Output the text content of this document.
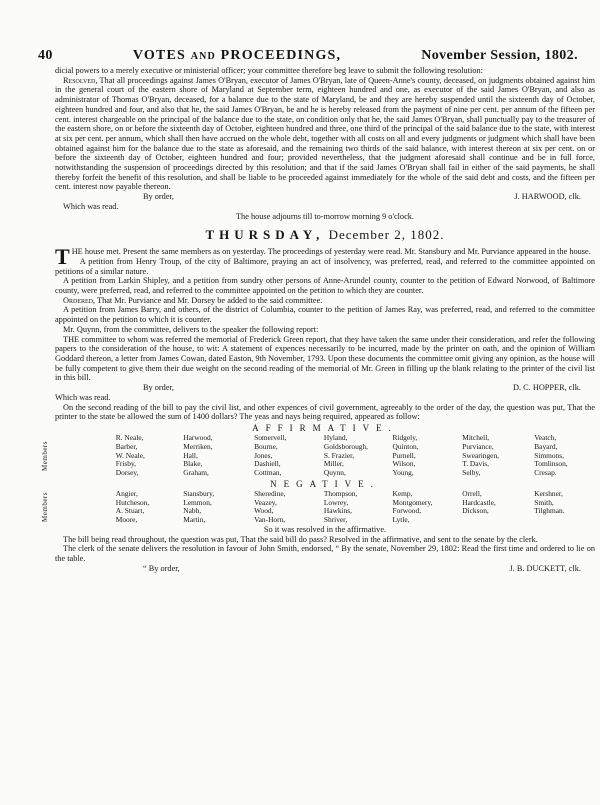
40	VOTES and PROCEEDINGS,	November Session, 1802.

dicial powers to a merely executive or ministerial officer; your committee therefore beg leave to submit the following resolution:

Resolved, That all proceedings against James O'Bryan, executor of James O'Bryan, late of Queen-Anne's county, deceased, on judgments obtained against him in the general court of the eastern shore of Maryland at September term, eighteen hundred and one, as executor of the said James O'Bryan, and also as administrator of Thomas O'Bryan, deceased, for a balance due to the state of Maryland, be and they are hereby suspended until the sixteenth day of October, eighteen hundred and four, and also that he, the said James O'Bryan, be and he is hereby released from the payment of nine per cent. per annum of the fifteen per cent. interest chargeable on the principal of the balance due to the state, on condition only that he, the said James O'Bryan, shall punctually pay to the treasurer of the eastern shore, on or before the sixteenth day of October, eighteen hundred and three, one third of the principal of the said balance due to the state, with interest at six per cent. per annum, which shall then have accrued on the whole debt, together with all costs on all and every judgments or judgment which shall have been obtained against him for the balance due to the state as aforesaid, and the remaining two thirds of the said balance, with interest thereon at six per cent. on or before the sixteenth day of October, eighteen hundred and four; provided nevertheless, that the judgment aforesaid shall continue and be in full force, notwithstanding the suspension of proceedings directed by this resolution; and that if the said James O'Bryan shall fail in either of the said payments, he shall thereby forfeit the benefit of this resolution, and shall be liable to be proceeded against immediately for the whole of the said debt and costs, and the fifteen per cent. interest now payable thereon.

By order,	J. HARWOOD, clk.

Which was read.

The house adjourns till to-morrow morning 9 o'clock.

THURSDAY, December 2, 1802.

THE house met. Present the same members as on yesterday. The proceedings of yesterday were read. Mr. Stansbury and Mr. Purviance appeared in the house.

A petition from Henry Troup, of the city of Baltimore, praying an act of insolvency, was preferred, read, and referred to the committee appointed on petitions of a similar nature.

A petition from Larkin Shipley, and a petition from sundry other persons of Anne-Arundel county, counter to the petition of Edward Norwood, of Baltimore county, were preferred, read, and referred to the committee appointed on the petition to which they are counter.

Ordered, That Mr. Purviance and Mr. Dorsey be added to the said committee.

A petition from James Barry, and others, of the district of Columbia, counter to the petition of James Ray, was preferred, read, and referred to the committee appointed on the petition to which it is counter.

Mr. Quynn, from the committee, delivers to the speaker the following report:

THE committee to whom was referred the memorial of Frederick Green report, that they have taken the same under their consideration, and refer the following papers to the consideration of the house, to wit: A statement of expences necessarily to be incurred, made by the printer on oath, and the opinion of William Goddard thereon, a letter from James Cowan, dated Easton, 9th November, 1793. Upon these documents the committee omit giving any opinion, as the house will be fully competent to give them their due weight on the second reading of the memorial of Mr. Green in filling up the blank relating to the printer of the civil list in this bill.

By order,	D. C. HOPPER, clk.

Which was read.

On the second reading of the bill to pay the civil list, and other expences of civil government, agreeably to the order of the day, the question was put, That the printer to the state be allowed the sum of 1400 dollars? The yeas and nays being required, appeared as follow:

AFFIRMATIVE.

Members
	R. Neale,	Harwood,	Somervell,	Hyland,	Ridgely,	Mitchell,	Veatch,
	Barber,	Merriken,	Bourne,	Goldsborough,	Quinton,	Purviance,	Bayard,
	W. Neale,	Hall,	Jones,	S. Frazier,	Purnell,	Swearingen,	Simmons,
	Frisby,	Blake,	Dashiell,	Miller,	Wilson,	T. Davis,	Tomlinson,
	Dorsey,	Graham,	Cottman,	Quynn,	Young,	Selby,	Cresap.

NEGATIVE.

Members
		Angier,	Stansbury,	Sheredine,	Thompson,	Kemp,	Orrell,	Kershner,
	Hutcheson,	Lemmon,	Veazey,	Lowrey,	Montgomery,	Hardcastle,	Smith,
	A. Stuart,	Nabb,	Wood,	Hawkins,	Forwood,	Dickson,	Tilghman.
	Moore,	Martin,	Van-Horn,	Shriver,	Lytle,		

So it was resolved in the affirmative.

The bill being read throughout, the question was put, That the said bill do pass? Resolved in the affirmative, and sent to the senate by the clerk.

The clerk of the senate delivers the resolution in favour of John Smith, endorsed, “ By the senate, November 29, 1802: Read the first time and ordered to lie on the table.

“ By order,	J. B. DUCKETT, clk.
